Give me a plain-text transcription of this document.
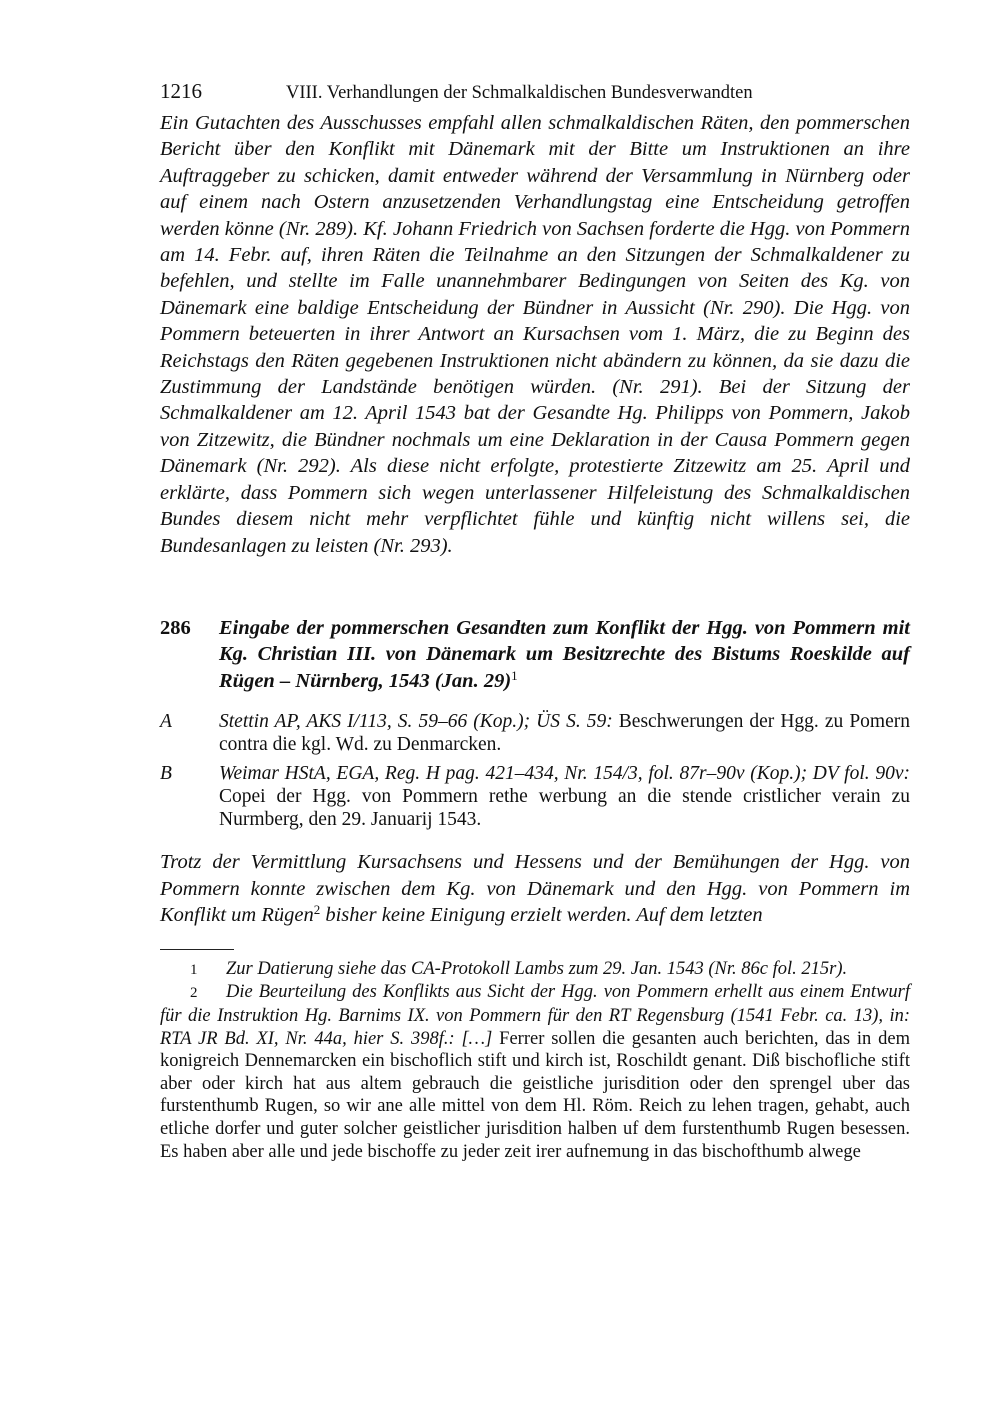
1216	VIII. Verhandlungen der Schmalkaldischen Bundesverwandten

Ein Gutachten des Ausschusses empfahl allen schmalkaldischen Räten, den pommerschen Bericht über den Konflikt mit Dänemark mit der Bitte um Instruktionen an ihre Auftraggeber zu schicken, damit entweder während der Versammlung in Nürnberg oder auf einem nach Ostern anzusetzenden Verhandlungstag eine Entscheidung getroffen werden könne (Nr. 289). Kf. Johann Friedrich von Sachsen forderte die Hgg. von Pommern am 14. Febr. auf, ihren Räten die Teilnahme an den Sitzungen der Schmalkaldener zu befehlen, und stellte im Falle unannehmbarer Bedingungen von Seiten des Kg. von Dänemark eine baldige Entscheidung der Bündner in Aussicht (Nr. 290). Die Hgg. von Pommern beteuerten in ihrer Antwort an Kursachsen vom 1. März, die zu Beginn des Reichstags den Räten gegebenen Instruktionen nicht abändern zu können, da sie dazu die Zustimmung der Landstände benötigen würden. (Nr. 291). Bei der Sitzung der Schmalkaldener am 12. April 1543 bat der Gesandte Hg. Philipps von Pommern, Jakob von Zitzewitz, die Bündner nochmals um eine Deklaration in der Causa Pommern gegen Dänemark (Nr. 292). Als diese nicht erfolgte, protestierte Zitzewitz am 25. April und erklärte, dass Pommern sich wegen unterlassener Hilfeleistung des Schmalkaldischen Bundes diesem nicht mehr verpflichtet fühle und künftig nicht willens sei, die Bundesanlagen zu leisten (Nr. 293).

286	Eingabe der pommerschen Gesandten zum Konflikt der Hgg. von Pommern mit Kg. Christian III. von Dänemark um Besitzrechte des Bistums Roeskilde auf Rügen – Nürnberg, 1543 (Jan. 29)$^1$
A	Stettin AP, AKS I/113, S. 59–66 (Kop.); ÜS S. 59: Beschwerungen der Hgg. zu Pomern contra die kgl. Wd. zu Denmarcken.
B	Weimar HStA, EGA, Reg. H pag. 421–434, Nr. 154/3, fol. 87r–90v (Kop.); DV fol. 90v: Copei der Hgg. von Pommern rethe werbung an die stende cristlicher verain zu Nurmberg, den 29. Januarij 1543.

Trotz der Vermittlung Kursachsens und Hessens und der Bemühungen der Hgg. von Pommern konnte zwischen dem Kg. von Dänemark und den Hgg. von Pommern im Konflikt um Rügen$^2$ bisher keine Einigung erzielt werden. Auf dem letzten

1 Zur Datierung siehe das CA-Protokoll Lambs zum 29. Jan. 1543 (Nr. 86c fol. 215r).
2 Die Beurteilung des Konflikts aus Sicht der Hgg. von Pommern erhellt aus einem Entwurf für die Instruktion Hg. Barnims IX. von Pommern für den RT Regensburg (1541 Febr. ca. 13), in: RTA JR Bd. XI, Nr. 44a, hier S. 398f.: […] Ferrer sollen die gesanten auch berichten, das in dem konigreich Dennemarcken ein bischoflich stift und kirch ist, Roschildt genant. Diß bischofliche stift aber oder kirch hat aus altem gebrauch die geistliche jurisdition oder den sprengel uber das furstenthumb Rugen, so wir ane alle mittel von dem Hl. Röm. Reich zu lehen tragen, gehabt, auch etliche dorfer und guter solcher geistlicher jurisdition halben uf dem furstenthumb Rugen besessen. Es haben aber alle und jede bischoffe zu jeder zeit irer aufnemung in das bischofthumb alwege
